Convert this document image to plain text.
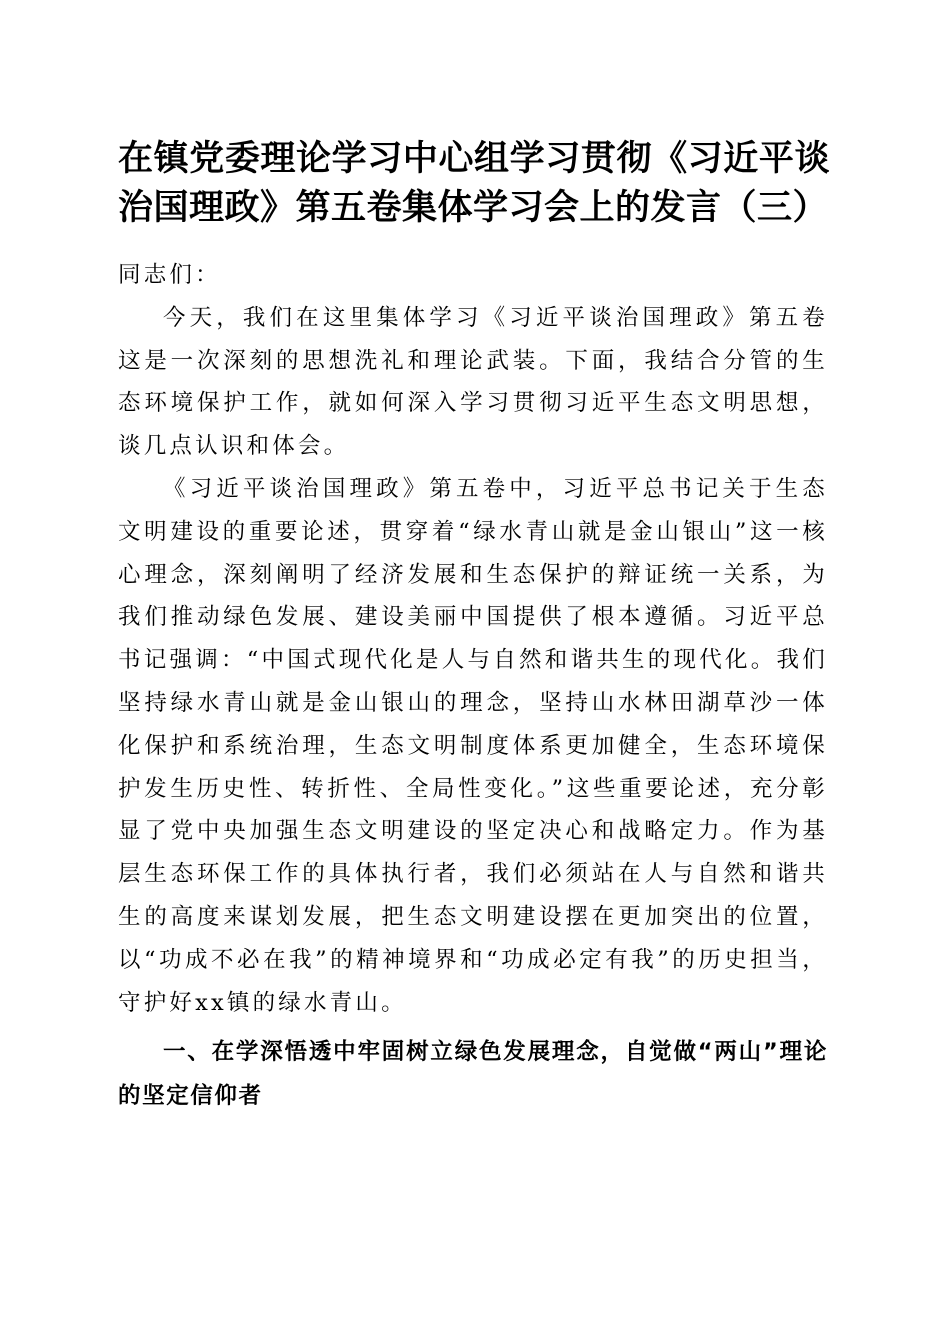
在镇党委理论学习中心组学习贯彻《习近平谈治国理政》第五卷集体学习会上的发言（三）

同志们：

今天，我们在这里集体学习《习近平谈治国理政》第五卷这是一次深刻的思想洗礼和理论武装。下面，我结合分管的生态环境保护工作，就如何深入学习贯彻习近平生态文明思想，谈几点认识和体会。

《习近平谈治国理政》第五卷中，习近平总书记关于生态文明建设的重要论述，贯穿着“绿水青山就是金山银山”这一核心理念，深刻阐明了经济发展和生态保护的辩证统一关系，为我们推动绿色发展、建设美丽中国提供了根本遵循。习近平总书记强调：“中国式现代化是人与自然和谐共生的现代化。我们坚持绿水青山就是金山银山的理念，坚持山水林田湖草沙一体化保护和系统治理，生态文明制度体系更加健全，生态环境保护发生历史性、转折性、全局性变化。”这些重要论述，充分彰显了党中央加强生态文明建设的坚定决心和战略定力。作为基层生态环保工作的具体执行者，我们必须站在人与自然和谐共生的高度来谋划发展，把生态文明建设摆在更加突出的位置，以“功成不必在我”的精神境界和“功成必定有我”的历史担当，守护好xx镇的绿水青山。

一、在学深悟透中牢固树立绿色发展理念，自觉做“两山”理论的坚定信仰者
